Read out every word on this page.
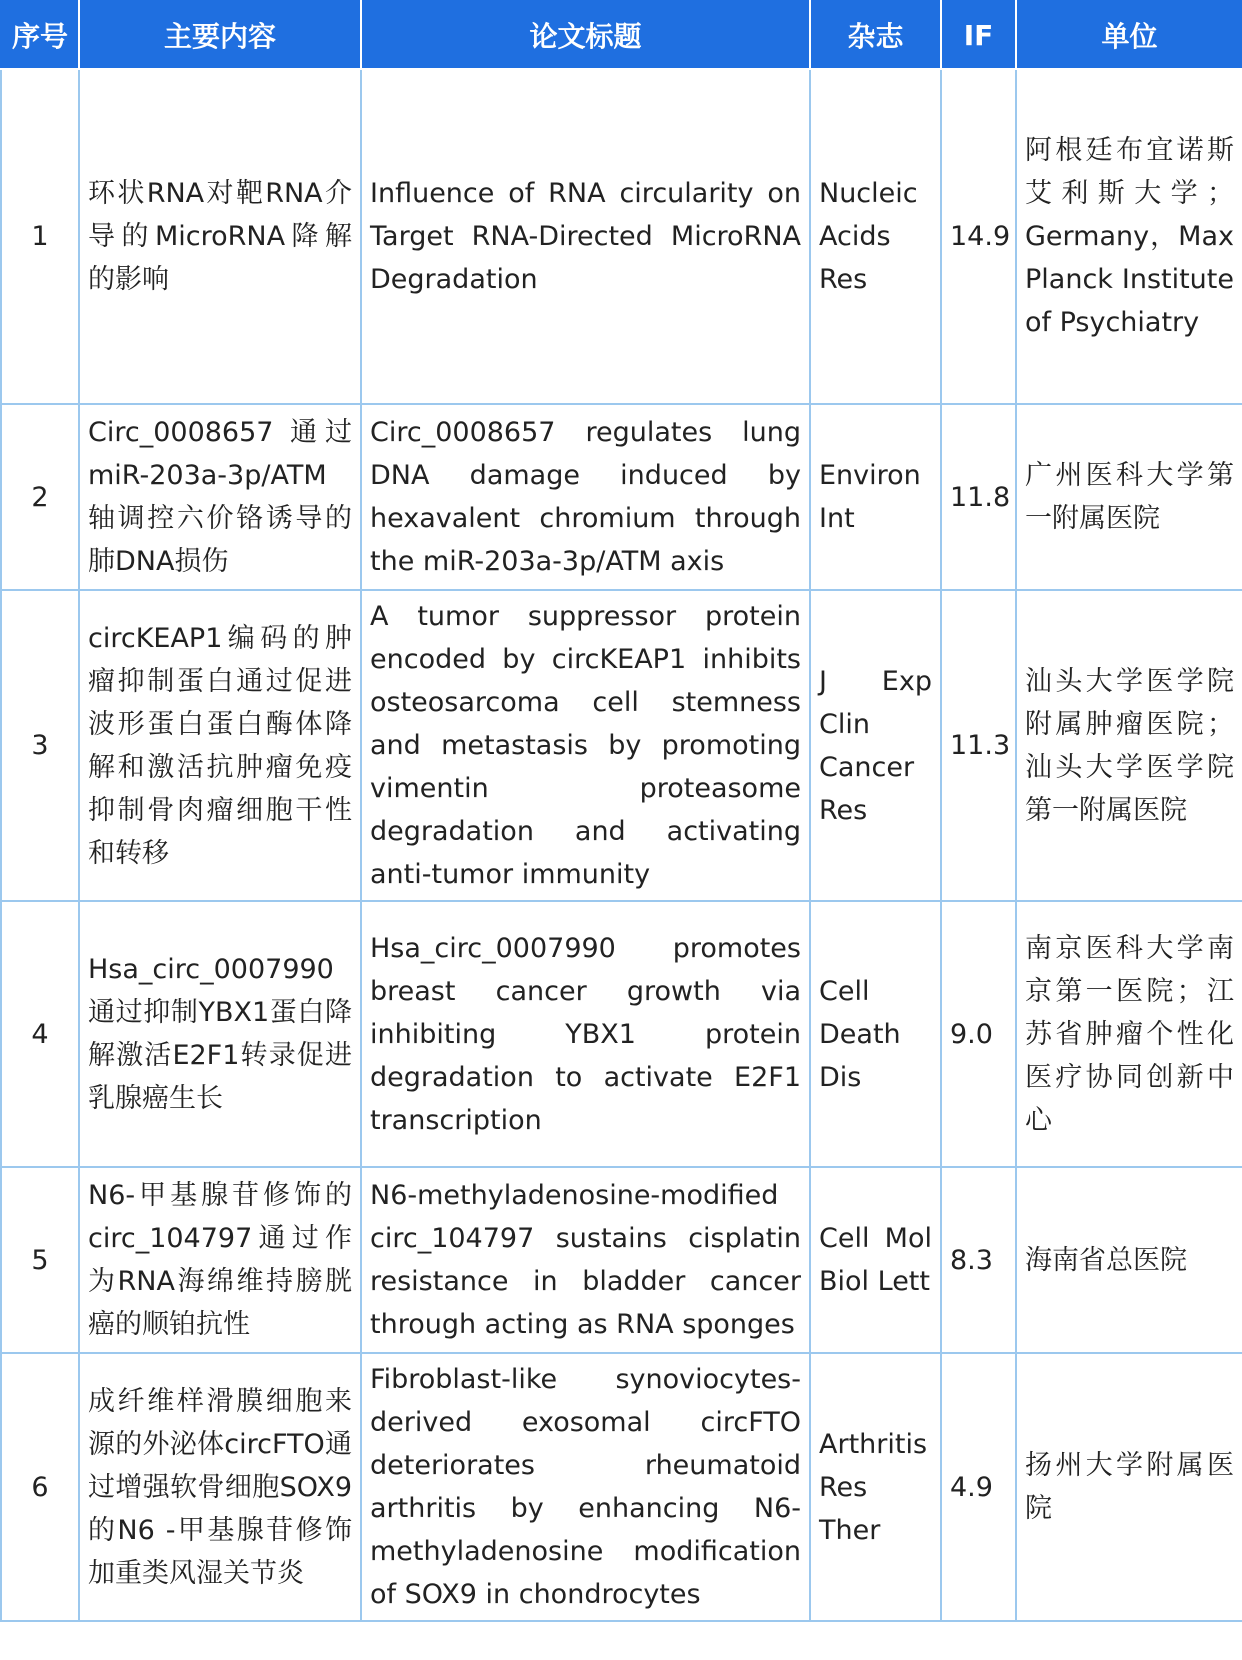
序号	主要内容	论文标题	杂志	IF	单位
1	环状RNA对靶RNA介导的MicroRNA降解的影响	Influence of RNA circularity on Target RNA-Directed MicroRNA Degradation	Nucleic Acids Res	14.9	阿根廷布宜诺斯艾利斯大学；Germany，Max Planck Institute of Psychiatry
2	Circ_0008657 通过miR-203a-3p/ATM轴调控六价铬诱导的肺DNA损伤	Circ_0008657 regulates lung DNA damage induced by hexavalent chromium through the miR-203a-3p/ATM axis	Environ Int	11.8	广州医科大学第一附属医院
3	circKEAP1编码的肿瘤抑制蛋白通过促进波形蛋白蛋白酶体降解和激活抗肿瘤免疫抑制骨肉瘤细胞干性和转移	A tumor suppressor protein encoded by circKEAP1 inhibits osteosarcoma cell stemness and metastasis by promoting vimentin proteasome degradation and activating anti-tumor immunity	J Exp Clin Cancer Res	11.3	汕头大学医学院附属肿瘤医院；汕头大学医学院第一附属医院
4	Hsa_circ_0007990通过抑制YBX1蛋白降解激活E2F1转录促进乳腺癌生长	Hsa_circ_0007990 promotes breast cancer growth via inhibiting YBX1 protein degradation to activate E2F1 transcription	Cell Death Dis	9.0	南京医科大学南京第一医院；江苏省肿瘤个性化医疗协同创新中心
5	N6-甲基腺苷修饰的circ_104797通过作为RNA海绵维持膀胱癌的顺铂抗性	N6-methyladenosine-modified circ_104797 sustains cisplatin resistance in bladder cancer through acting as RNA sponges	Cell Mol Biol Lett	8.3	海南省总医院
6	成纤维样滑膜细胞来源的外泌体circFTO通过增强软骨细胞SOX9的N6 -甲基腺苷修饰加重类风湿关节炎	Fibroblast-like synoviocytes-derived exosomal circFTO deteriorates rheumatoid arthritis by enhancing N6-methyladenosine modification of SOX9 in chondrocytes	Arthritis Res Ther	4.9	扬州大学附属医院
